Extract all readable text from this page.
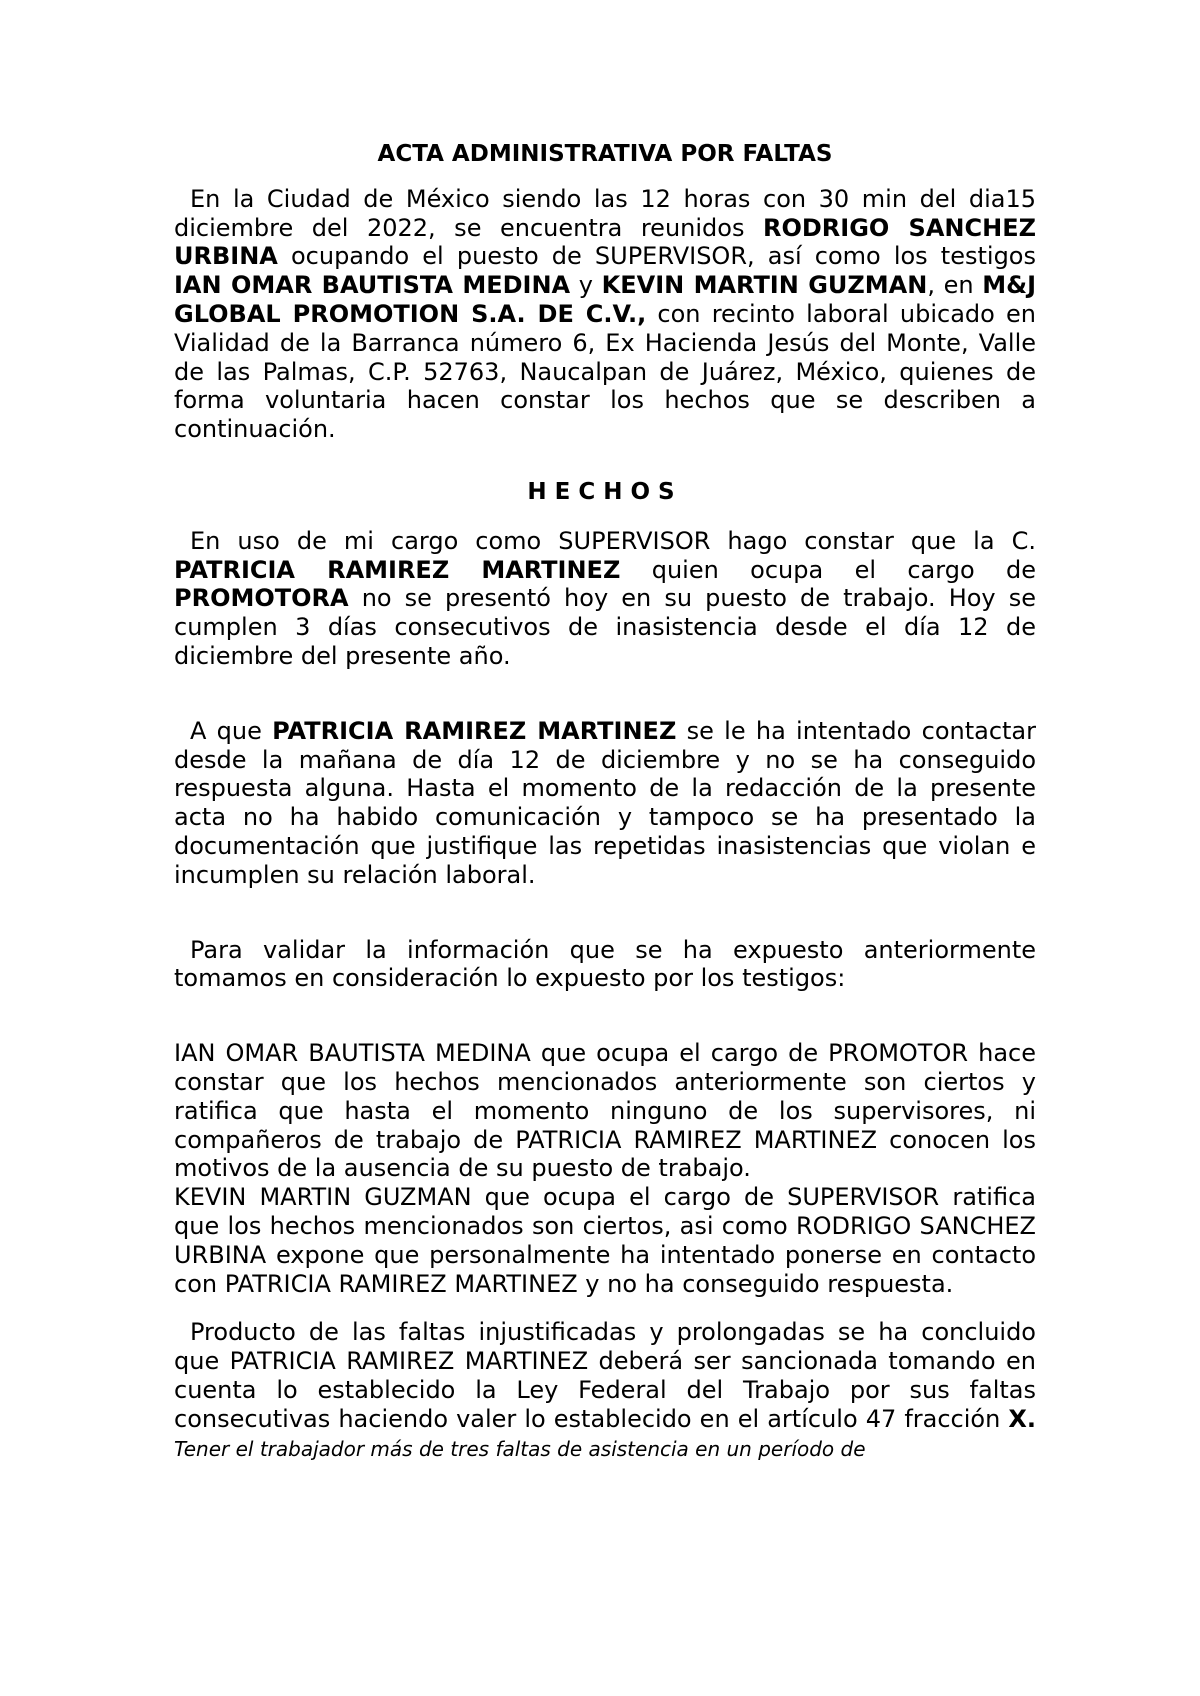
ACTA ADMINISTRATIVA POR FALTAS

En la Ciudad de México siendo las 12 horas con 30 min del dia15 diciembre del 2022, se encuentra reunidos RODRIGO SANCHEZ URBINA ocupando el puesto de SUPERVISOR, así como los testigos IAN OMAR BAUTISTA MEDINA y KEVIN MARTIN GUZMAN, en M&J GLOBAL PROMOTION S.A. DE C.V., con recinto laboral ubicado en Vialidad de la Barranca número 6, Ex Hacienda Jesús del Monte, Valle de las Palmas, C.P. 52763, Naucalpan de Juárez, México, quienes de forma voluntaria hacen constar los hechos que se describen a continuación.

HECHOS

En uso de mi cargo como SUPERVISOR hago constar que la C. PATRICIA RAMIREZ MARTINEZ quien ocupa el cargo de PROMOTORA no se presentó hoy en su puesto de trabajo. Hoy se cumplen 3 días consecutivos de inasistencia desde el día 12 de diciembre del presente año.

A que PATRICIA RAMIREZ MARTINEZ se le ha intentado contactar desde la mañana de día 12 de diciembre y no se ha conseguido respuesta alguna. Hasta el momento de la redacción de la presente acta no ha habido comunicación y tampoco se ha presentado la documentación que justifique las repetidas inasistencias que violan e incumplen su relación laboral.

Para validar la información que se ha expuesto anteriormente tomamos en consideración lo expuesto por los testigos:

IAN OMAR BAUTISTA MEDINA que ocupa el cargo de PROMOTOR hace constar que los hechos mencionados anteriormente son ciertos y ratifica que hasta el momento ninguno de los supervisores, ni compañeros de trabajo de PATRICIA RAMIREZ MARTINEZ conocen los motivos de la ausencia de su puesto de trabajo.

KEVIN MARTIN GUZMAN que ocupa el cargo de SUPERVISOR ratifica que los hechos mencionados son ciertos, asi como RODRIGO SANCHEZ URBINA expone que personalmente ha intentado ponerse en contacto con PATRICIA RAMIREZ MARTINEZ y no ha conseguido respuesta.

Producto de las faltas injustificadas y prolongadas se ha concluido que PATRICIA RAMIREZ MARTINEZ deberá ser sancionada tomando en cuenta lo establecido la Ley Federal del Trabajo por sus faltas consecutivas haciendo valer lo establecido en el artículo 47 fracción X. Tener el trabajador más de tres faltas de asistencia en un período de
